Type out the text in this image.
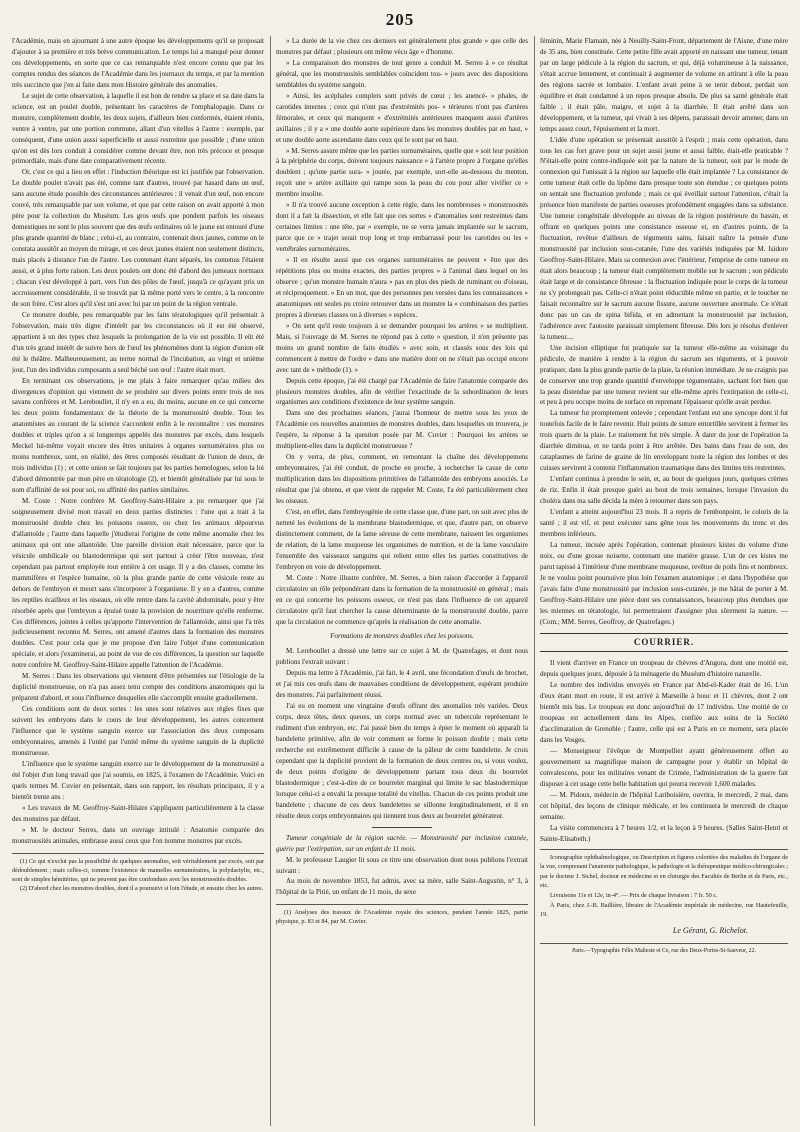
205

l'Académie, mais en ajournant à une autre époque les développements qu'il se proposait d'ajouter à sa première et très brève communication. Le temps lui a manqué pour donner ces développements, en sorte que ce cas remarquable n'est encore connu que par les comptes rendus des séances de l'Académie dans les journaux du temps, et par la mention très succincte que j'en ai faite dans mon Histoire générale des anomalies.

Le sujet de cette observation, à laquelle il est bon de rendre sa place et sa date dans la science, est un poulet double, présentant les caractères de l'omphalopagie. Dans ce monstre, complètement double, les deux sujets, d'ailleurs bien conformés, étaient réunis, ventre à ventre, par une portion commune, allant d'un vitellus à l'autre : exemple, par conséquent, d'une union aussi superficielle et aussi restreinte que possible ; d'une union qu'on est dès lors conduit à considérer comme devant être, non très précoce et presque primordiale, mais d'une date comparativement récente.

Or, c'est ce qui a lieu en effet : l'induction théorique est ici justifiée par l'observation. Le double poulet n'avait pas été, comme tant d'autres, trouvé par hasard dans un œuf, sans aucune étude possible des circonstances antérieures : il venait d'un œuf, non encore couvé, très remarquable par son volume, et que par cette raison on avait apporté à mon père pour la collection du Muséum. Les gros œufs que pondent parfois les oiseaux domestiques ne sont le plus souvent que des œufs ordinaires où le jaune est entouré d'une plus grande quantité de blanc ; celui-ci, au contraire, contenait deux jaunes, comme on le constata aussitôt au moyen du mirage, et ces deux jaunes étaient non seulement distincts, mais placés à distance l'un de l'autre. Les contenant étant séparés, les contenus l'étaient aussi, et à plus forte raison. Les deux poulets ont donc été d'abord des jumeaux normaux ; chacun s'est développé à part, vers l'un des pôles de l'œuf, jusqu'à ce qu'ayant pris un accroissement considérable, il se trouvât par là même porté vers le centre, à la rencontre de son frère. C'est alors qu'il s'est uni avec lui par un point de la région ventrale.

Ce monstre double, peu remarquable par les faits tératologiques qu'il présentait à l'observation, mais très digne d'intérêt par les circonstances où il est été observé, appartient à un des types chez lesquels la prolongation de la vie est possible. Il eût été d'un très grand intérêt de suivre hors de l'œuf les phénomènes dont la région d'union eût été le théâtre. Malheureusement, au terme normal de l'incubation, au vingt et unième jour, l'un des individus composants a seul béché son œuf : l'autre était mort.

En terminant ces observations, je me plais à faire remarquer qu'au milieu des divergences d'opinion qui viennent de se produire sur divers points entre trois de nos savans confrères et M. Lereboullet, il n'y en a eu, du moins, aucune en ce qui concerne les deux points fondamentaux de la théorie de la monstruosité double. Tous les anatomistes au courant de la science s'accordent enfin à le reconnaître : ces monstres doubles et triples qu'on a si longtemps appelés des monstres par excès, dans lesquels Meckel lui-même voyait encore des êtres unitaires à organes surnuméraires plus ou moins nombreux, sont, en réalité, des êtres composés résultant de l'union de deux, de trois individus (1) ; et cette union se fait toujours par les parties homologues, selon la loi d'abord démontrée par mon père en tératologie (2), et bientôt généralisée par lui sous le nom d'affinité de soi pour soi, ou affinité des parties similaires.

M. Coste : Notre confrère M. Geoffroy-Saint-Hilaire a pu remarquer que j'ai soigneusement divisé mon travail en deux parties distinctes : l'une qui a trait à la monstruosité double chez les poissons osseux, ou chez les animaux dépourvus d'allantoïde ; l'autre dans laquelle j'étudierai l'origine de cette même anomalie chez les animaux qui ont une allantoïde. Une pareille division était nécessaire, parce que la vésicule ombilicale ou blastodermique qui sert partout à créer l'être nouveau, n'est cependant pas partout employée tout entière à cet usage. Il y a des classes, comme les mammifères et l'espèce humaine, où la plus grande partie de cette vésicule reste au dehors de l'embryon et meurt sans s'incorporer à l'organisme. Il y en a d'autres, comme les reptiles écailleux et les oiseaux, où elle rentre dans la cavité abdominale, pour y être résorbée après que l'embryon a épuisé toute la provision de nourriture qu'elle renferme. Ces différences, jointes à celles qu'apporte l'intervention de l'allantoïde, ainsi que l'a très judicieusement reconnu M. Serres, ont amené d'autres dans la formation des monstres doubles. C'est pour cela que je me propose d'en faire l'objet d'une communication spéciale, et alors j'examinerai, au point de vue de ces différences, la question sur laquelle notre confrère M. Geoffroy-Saint-Hilaire appelle l'attention de l'Académie.

M. Serres : Dans les observations qui viennent d'être présentées sur l'étiologie de la duplicité monstrueuse, on n'a pas assez tenu compte des conditions anatomiques qui la préparent d'abord, et sous l'influence desquelles elle s'accomplit ensuite graduellement.

Ces conditions sont de deux sortes : les unes sont relatives aux règles fixes que suivent les embryons dans le cours de leur développement, les autres concernent l'influence que le système sanguin exerce sur l'association des deux composans embryonnaires, amenés à l'unité par l'unité même du système sanguin de la duplicité monstrueuse.

L'influence que le système sanguin exerce sur le développement de la monstruosité a été l'objet d'un long travail que j'ai soumis, en 1825, à l'examen de l'Académie. Voici en quels termes M. Cuvier en présentait, dans son rapport, les résultats principaux, il y a bientôt trente ans :

« Les travaux de M. Geoffroy-Saint-Hilaire s'appliquent particulièrement à la classe des monstres par défaut.

» M. le docteur Serres, dans un ouvrage intitulé : Anatomie comparée des monstruosités animales, embrasse aussi ceux que l'on nomme monstres par excès.

(1) Ce qui n'exclut pas la possibilité de quelques anomalies, soit véritablement par excès, soit par dédoublement ; mais celles-ci, comme l'existence de mamelles surnuméraires, la polydactylie, etc., sont de simples hémitéries, qui ne peuvent pas être confondues avec les monstruosités doubles.

(2) D'abord chez les monstres doubles, dont il a poursuivi si loin l'étude, et ensuite chez les autres.

» La durée de la vie chez ces derniers est généralement plus grande » que celle des monstres par défaut ; plusieurs ont même vécu âge » d'homme.

» La comparaison des monstres de tout genre a conduit M. Serres à » ce résultat général, que les monstruosités semblables coïncident tou- » jours avec des dispositions semblables du système sanguin.

» Ainsi, les acéphales complets sont privés de cœur ; les anencé- » phales, de carotides internes ; ceux qui n'ont pas d'extrémités pos- » térieures n'ont pas d'artères fémorales, et ceux qui manquent » d'extrémités antérieures manquent aussi d'artères axillaires ; il y a » une double aorte supérieure dans les monstres doubles par en haut, » et une double aorte ascendante dans ceux qui le sont par en haut.

» M. Serres assure même que les parties surnuméraires, quelle que » soit leur position à la périphérie du corps, doivent toujours naissance » à l'artère propre à l'organe qu'elles doublent ; qu'une partie sura- » joutée, par exemple, sort-elle au-dessous du menton, reçoit une » artère axillaire qui rampe sous la peau du cou pour aller vivifier ce » membre insolite.

» Il n'a trouvé aucune exception à cette règle, dans les nombreuses » monstruosités dont il a fait la dissection, et elle fait que ces sortes » d'anomalies sont restreintes dans certaines limites : une tête, par » exemple, ne se verra jamais implantée sur le sacrum, parce que ce » trajet serait trop long et trop embarrassé pour les carotides ou les » vertébrales surnuméraires.

» Il en résulte aussi que ces organes surnuméraires ne peuvent » être que des répétitions plus ou moins exactes, des parties propres » à l'animal dans lequel on les observe ; qu'un monstre humain n'aura » pas en plus des pieds de ruminant ou d'oiseau, et réciproquement. » En un mot, que des personnes peu versées dans les connaissances » anatomiques ont seules pu croire retrouver dans un monstre la » combinaison des parties propres à diverses classes ou à diverses » espèces.

» On sent qu'il reste toujours à se demander pourquoi les artères » se multiplient. Mais, si l'ouvrage de M. Serres ne répond pas à cette » question, il n'en présente pas moins un grand nombre de faits étudiés » avec soin, et classés sous des lois qui commencent à mettre de l'ordre » dans une matière dont on ne s'était pas occupé encore avec tant de » méthode (1). »

Depuis cette époque, j'ai été chargé par l'Académie de faire l'anatomie comparée des plusieurs monstres doubles, afin de vérifier l'exactitude de la subordination de leurs organismes aux conditions d'existence de leur système sanguin.

Dans une des prochaines séances, j'aurai l'honneur de mettre sous les yeux de l'Académie ces nouvelles anatomies de monstres doubles, dans lesquelles on trouvera, je l'espère, la réponse à la question posée par M. Cuvier : Pourquoi les artères se multiplient-elles dans la duplicité monstrueuse ?

On y verra, de plus, comment, en remontant la chaîne des développemens embryonnaires, j'ai été conduit, de proche en proche, à rechercher la cause de cette multiplication dans les dispositions primitives de l'allantoïde des embryons associés. Le résultat que j'ai obtenu, et que vient de rappeler M. Coste, l'a été particulièrement chez les oiseaux.

C'est, en effet, dans l'embryogénie de cette classe que, d'une part, on suit avec plus de netteté les évolutions de la membrane blastodermique, et que, d'autre part, on observe distinctement comment, de la lame séreuse de cette membrane, naissent les organismes de relation, de la lame muqueuse les organismes de nutrition, et de la lame vasculaire l'ensemble des vaisseaux sanguins qui relient entre elles les parties constitutives de l'embryon en voie de développement.

M. Coste : Notre illustre confrère, M. Serres, a bien raison d'accorder à l'appareil circulatoire un rôle prépondérant dans la formation de la monstruosité en général ; mais en ce qui concerne les poissons osseux, ce n'est pas dans l'influence de cet appareil circulatoire qu'il faut chercher la cause déterminante de la monstruosité double, parce que la circulation ne commence qu'après la réalisation de cette anomalie.

Formations de monstres doubles chez les poissons.

M. Lereboullet a dressé une lettre sur ce sujet à M. de Quatrefages, et dont nous publions l'extrait suivant :

Depuis ma lettre à l'Académie, j'ai fait, le 4 avril, une fécondation d'œufs de brochet, et j'ai mis ces œufs dans de mauvaises conditions de développement, espérant produire des monstres. J'ai parfaitement réussi.

J'ai eu en moment une vingtaine d'œufs offrant des anomalies très variées. Deux corps, deux têtes, deux queues, un corps normal avec un tubercule représentant le rudiment d'un embryon, etc. J'ai passé bien du temps à épier le moment où apparaît la bandelette primitive, afin de voir comment se forme le poisson double ; mais cette recherche est extrêmement difficile à cause de la pâleur de cette bandelette. Je crois cependant que la duplicité provient de la formation de deux centres ou, si vous voulez, de deux points d'origine de développement partant tous deux du bourrelet blastodermique ; c'est-à-dire de ce bourrelet marginal qui limite le sac blastodermique lorsque celui-ci a envahi la presque totalité du vitellus. Chacun de ces points produit une bandelette ; chacune de ces deux bandelettes se sillonne longitudinalement, et il en résulte deux corps embryonnaires qui tiennent tous deux au bourrelet générateur.

Tumeur congéniale de la région sacrée. — Monstruosité par inclusion cutanée, guérie par l'extirpation, sur un enfant de 11 mois.

M. le professeur Laugier lit sous ce titre une observation dont nous publions l'extrait suivant :

Au mois de novembre 1853, fut admis, avec sa mère, salle Saint-Augustin, n° 3, à l'hôpital de la Pitié, un enfant de 11 mois, du sexe

(1) Analyses des travaux de l'Académie royale des sciences, pendant l'année 1825, partie physique, p. 83 et 84, par M. Cuvier.

féminin, Marie Flamain, née à Neuilly-Saint-Front, département de l'Aisne, d'une mère de 35 ans, bien constituée. Cette petite fille avait apporté en naissant une tumeur, tenant par un large pédicule à la région du sacrum, et qui, déjà volumineuse à la naissance, s'était accrue lentement, et continuait à augmenter de volume en attirant à elle la peau des régions sacrée et lombaire. L'enfant avait peine à se tenir debout, perdait son équilibre et était condamné à un repos presque absolu. De plus sa santé générale était faible ; il était pâle, maigre, et sujet à la diarrhée. Il était arrêté dans son développement, et la tumeur, qui vivait à ses dépens, paraissait devoir amener, dans un temps assez court, l'épuisement et la mort.

L'idée d'une opération se présentait aussitôt à l'esprit ; mais cette opération, dans tous les cas fort grave pour un sujet aussi jeune et aussi faible, était-elle praticable ? N'était-elle point contre-indiquée soit par la nature de la tumeur, soit par le mode de connexion qui l'unissait à la région sur laquelle elle était implantée ? La consistance de cette tumeur était celle du lipôme dans presque toute son étendue ; ce quelques points on sentait une fluctuation profonde ; mais ce qui éveillait surtout l'attention, c'était la présence bien manifeste de parties osseuses profondément engagées dans sa substance. Une tumeur congénitale développée au niveau de la région postérieure du bassin, et offrant en quelques points une consistance osseuse et, en d'autres points, de la fluctuation, revêtue d'ailleurs de téguments sains, faisait naître la pensée d'une monstruosité par inclusion sous-cutanée, l'une des variétés indiquées par M. Isidore Geoffroy-Saint-Hilaire. Mais sa connexion avec l'intérieur, l'emprise de cette tumeur en était alors beaucoup ; la tumeur était complètement mobile sur le sacrum ; son pédicule était large et de consistance fibreuse : la fluctuation indiquée pour le corps de la tumeur ne s'y prolongeait pas. Celle-ci n'était point réductible même en partie, et le toucher ne faisait reconnaître sur le sacrum aucune fissure, aucune ouverture anormale. Ce n'était donc pas un cas de spina bifida, et en admettant la monstruosité par inclusion, l'adhérence avec l'autosite paraissait simplement fibreuse. Dès lors je résolus d'enlever la tumeur....

Une incision elliptique fut pratiquée sur la tumeur elle-même au voisinage du pédicule, de manière à rendre à la région du sacrum ses téguments, et à pouvoir pratiquer, dans la plus grande partie de la plaie, la réunion immédiate. Je ne craignis pas de conserver une trop grande quantité d'enveloppe tégumentaire, sachant fort bien que la peau distendue par une tumeur revient sur elle-même après l'extirpation de celle-ci, et peu à peu occupe moins de surface en reprenant l'épaisseur qu'elle avait perdue.

La tumeur fut promptement enlevée ; cependant l'enfant eut une syncope dont il fut toutefois facile de le faire revenir. Huit points de suture entortillée servirent à fermer les trois quarts de la plaie. Le traitement fut très simple. À dater du jour de l'opération la diarrhée diminua, et ne tarda point à être arrêtée. Des bains dans l'eau de son, des cataplasmes de farine de graine de lin enveloppant toute la région des lombes et des cuisses servirent à contenir l'inflammation traumatique dans des limites très restreintes.

L'enfant continua à prendre le sein, et, au bout de quelques jours, quelques crèmes de riz. Enfin il était presque guéri au bout de trois semaines, lorsque l'invasion du choléra dans ma salle décida la mère à retourner dans son pays.

L'enfant a atteint aujourd'hui 23 mois. Il a repris de l'embonpoint, le coloris de la santé ; il est vif, et peut exécuter sans gêne tous les mouvements du tronc et des membres inférieurs.

La tumeur, incisée après l'opération, contenait plusieurs kistes du volume d'une noix, ou d'une grosse noisette, contenant une matière grasse. L'un de ces kistes me parut tapissé à l'intérieur d'une membrane muqueuse, revêtue de poils fins et nombreux. Je ne voulus point poursuivre plus loin l'examen anatomique ; et dans l'hypothèse que j'avais faite d'une monstruosité par inclusion sous-cutanée, je me hâtai de porter à M. Geoffroy-Saint-Hilaire une pièce dont ses connaissances, beaucoup plus étendues que les miennes en tératologie, lui permettraient d'assigner plus sûrement la nature. — (Com.; MM. Serres, Geoffroy, de Quatrefages.)

COURRIER.

Il vient d'arriver en France un troupeau de chèvres d'Angora, dont une moitié est, depuis quelques jours, déposée à la ménagerie du Muséum d'histoire naturelle.

Le nombre des individus envoyés en France par Abd-el-Kader était de 16. L'un d'eux étant mort en route, il est arrivé à Marseille à bouc et 11 chèvres, dont 2 ont bientôt mis bas. Le troupeau est donc aujourd'hui de 17 individus. Une moitié de ce troupeau est actuellement dans les Alpes, confiée aux soins de la Société d'acclimatation de Grenoble ; l'autre, celle qui est à Paris en ce moment, sera placée dans les Vosges.

— Monseigneur l'évêque de Montpellier ayant généreusement offert au gouvernement sa magnifique maison de campagne pour y établir un hôpital de convalescens, pour les militaires venant de Crimée, l'administration de la guerre fait disposer à cet usage cette belle habitation qui pourra recevoir 1,600 malades.

— M. Pidoux, médecin de l'hôpital Lariboisière, ouvrira, le mercredi, 2 mai, dans cet hôpital, des leçons de clinique médicale, et les continuera le mercredi de chaque semaine.

La visite commencera à 7 heures 1/2, et la leçon à 9 heures. (Salles Saint-Henri et Sainte-Elisabeth.)

Iconographie ophthalmologique, ou Description et figures coloriées des maladies de l'organe de la vue, comprenant l'anatomie pathologique, la pathologie et la thérapeutique médico-chirurgicales ; par le docteur J. Sichel, docteur en médecine et en chirurgie des Facultés de Berlin et de Paris, etc., etc.

Livraisons 11e et 12e, in-4°. — Prix de chaque livraison : 7 fr. 50 c.

À Paris, chez J.-B. Baillière, libraire de l'Académie impériale de médecine, rue Hautefeuille, 19.

Le Gérant, G. Richelot.
Paris.—Typographie Félix Malteste et Ce, rue des Deux-Portes-St-Sauveur, 22.
